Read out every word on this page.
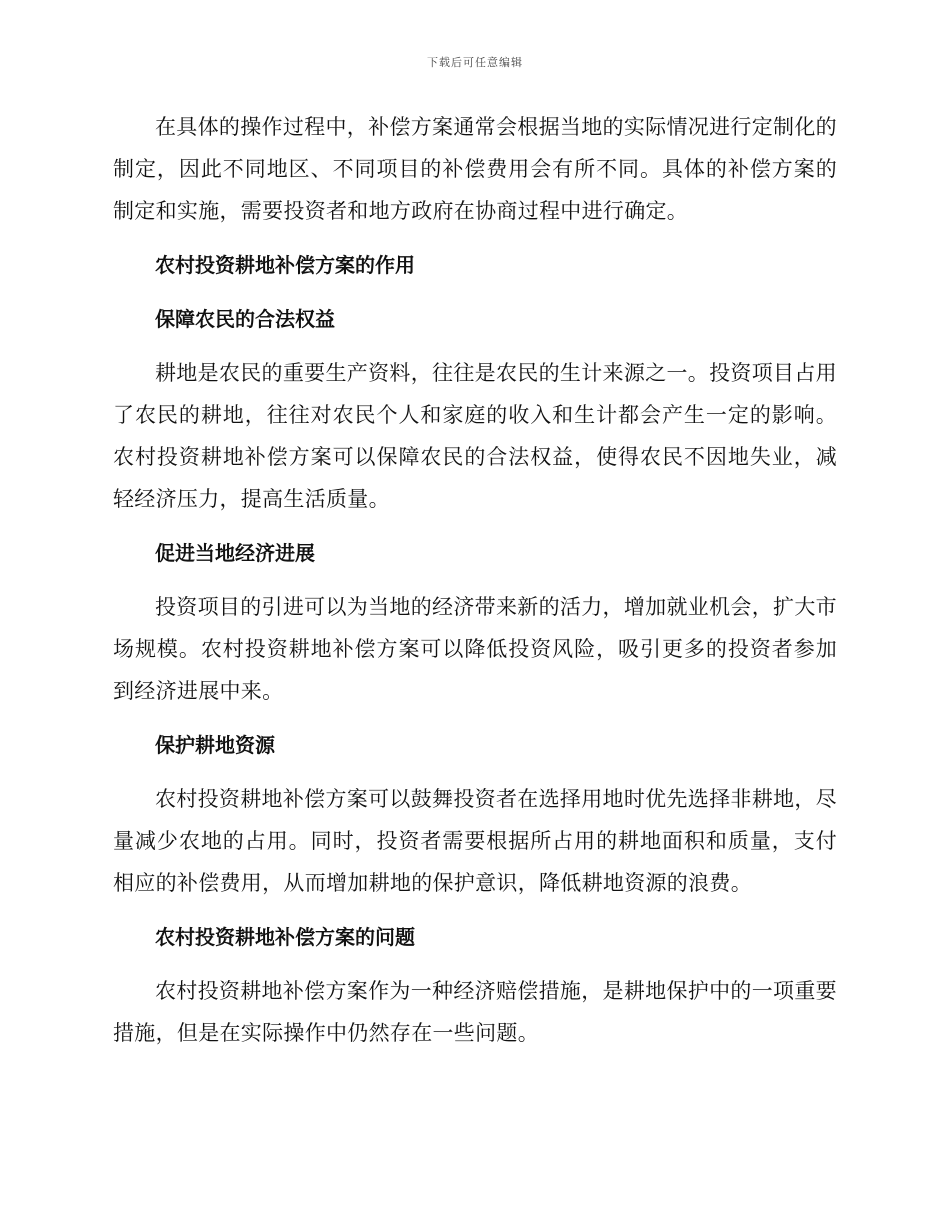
下载后可任意编辑

在具体的操作过程中，补偿方案通常会根据当地的实际情况进行定制化的制定，因此不同地区、不同项目的补偿费用会有所不同。具体的补偿方案的制定和实施，需要投资者和地方政府在协商过程中进行确定。

农村投资耕地补偿方案的作用
保障农民的合法权益

耕地是农民的重要生产资料，往往是农民的生计来源之一。投资项目占用了农民的耕地，往往对农民个人和家庭的收入和生计都会产生一定的影响。农村投资耕地补偿方案可以保障农民的合法权益，使得农民不因地失业，减轻经济压力，提高生活质量。

促进当地经济进展

投资项目的引进可以为当地的经济带来新的活力，增加就业机会，扩大市场规模。农村投资耕地补偿方案可以降低投资风险，吸引更多的投资者参加到经济进展中来。

保护耕地资源

农村投资耕地补偿方案可以鼓舞投资者在选择用地时优先选择非耕地，尽量减少农地的占用。同时，投资者需要根据所占用的耕地面积和质量，支付相应的补偿费用，从而增加耕地的保护意识，降低耕地资源的浪费。

农村投资耕地补偿方案的问题

农村投资耕地补偿方案作为一种经济赔偿措施，是耕地保护中的一项重要措施，但是在实际操作中仍然存在一些问题。
